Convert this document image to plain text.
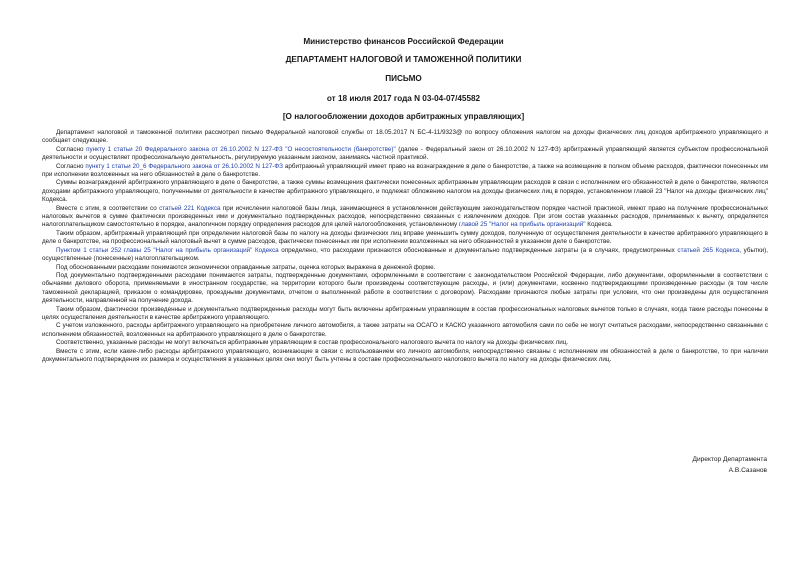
Министерство финансов Российской Федерации
ДЕПАРТАМЕНТ НАЛОГОВОЙ И ТАМОЖЕННОЙ ПОЛИТИКИ
ПИСЬМО
от 18 июля 2017 года N 03-04-07/45582
[О налогообложении доходов арбитражных управляющих]

Департамент налоговой и таможенной политики рассмотрел письмо Федеральной налоговой службы от 18.05.2017 N БС-4-11/9323@ по вопросу обложения налогом на доходы физических лиц доходов арбитражного управляющего и сообщает следующее.

Согласно пункту 1 статьи 20 Федерального закона от 26.10.2002 N 127-ФЗ "О несостоятельности (банкротстве)" (далее - Федеральный закон от 26.10.2002 N 127-ФЗ) арбитражный управляющий является субъектом профессиональной деятельности и осуществляет профессиональную деятельность, регулируемую указанным законом, занимаясь частной практикой.

Согласно пункту 1 статьи 20_6 Федерального закона от 26.10.2002 N 127-ФЗ арбитражный управляющий имеет право на вознаграждение в деле о банкротстве, а также на возмещение в полном объеме расходов, фактически понесенных им при исполнении возложенных на него обязанностей в деле о банкротстве.

Суммы вознаграждений арбитражного управляющего в деле о банкротстве, а также суммы возмещения фактически понесенных арбитражным управляющим расходов в связи с исполнением его обязанностей в деле о банкротстве, являются доходами арбитражного управляющего, полученными от деятельности в качестве арбитражного управляющего, и подлежат обложению налогом на доходы физических лиц в порядке, установленном главой 23 "Налог на доходы физических лиц" Кодекса.

Вместе с этим, в соответствии со статьей 221 Кодекса при исчислении налоговой базы лица, занимающиеся в установленном действующим законодательством порядке частной практикой, имеют право на получение профессиональных налоговых вычетов в сумме фактически произведенных ими и документально подтвержденных расходов, непосредственно связанных с извлечением доходов. При этом состав указанных расходов, принимаемых к вычету, определяется налогоплательщиком самостоятельно в порядке, аналогичном порядку определения расходов для целей налогообложения, установленному главой 25 "Налог на прибыль организаций" Кодекса.

Таким образом, арбитражный управляющий при определении налоговой базы по налогу на доходы физических лиц вправе уменьшить сумму доходов, полученную от осуществления деятельности в качестве арбитражного управляющего в деле о банкротстве, на профессиональный налоговый вычет в сумме расходов, фактически понесенных им при исполнении возложенных на него обязанностей в указанном деле о банкротстве.

Пунктом 1 статьи 252 главы 25 "Налог на прибыль организаций" Кодекса определено, что расходами признаются обоснованные и документально подтвержденные затраты (а в случаях, предусмотренных статьей 265 Кодекса, убытки), осуществленные (понесенные) налогоплательщиком.

Под обоснованными расходами понимаются экономически оправданные затраты, оценка которых выражена в денежной форме.

Под документально подтвержденными расходами понимаются затраты, подтвержденные документами, оформленными в соответствии с законодательством Российской Федерации, либо документами, оформленными в соответствии с обычаями делового оборота, применяемыми в иностранном государстве, на территории которого были произведены соответствующие расходы, и (или) документами, косвенно подтверждающими произведенные расходы (в том числе таможенной декларацией, приказом о командировке, проездными документами, отчетом о выполненной работе в соответствии с договором). Расходами признаются любые затраты при условии, что они произведены для осуществления деятельности, направленной на получение дохода.

Таким образом, фактически произведенные и документально подтвержденные расходы могут быть включены арбитражным управляющим в состав профессиональных налоговых вычетов только в случаях, когда такие расходы понесены в целях осуществления деятельности в качестве арбитражного управляющего.

С учетом изложенного, расходы арбитражного управляющего на приобретение личного автомобиля, а также затраты на ОСАГО и КАСКО указанного автомобиля сами по себе не могут считаться расходами, непосредственно связанными с исполнением обязанностей, возложенных на арбитражного управляющего в деле о банкротстве.

Соответственно, указанные расходы не могут включаться арбитражным управляющим в состав профессионального налогового вычета по налогу на доходы физических лиц.

Вместе с этим, если какие-либо расходы арбитражного управляющего, возникающие в связи с использованием его личного автомобиля, непосредственно связаны с исполнением им обязанностей в деле о банкротстве, то при наличии документального подтверждения их размера и осуществления в указанных целях они могут быть учтены в составе профессионального налогового вычета по налогу на доходы физических лиц.

Директор Департамента
А.В.Сазанов
